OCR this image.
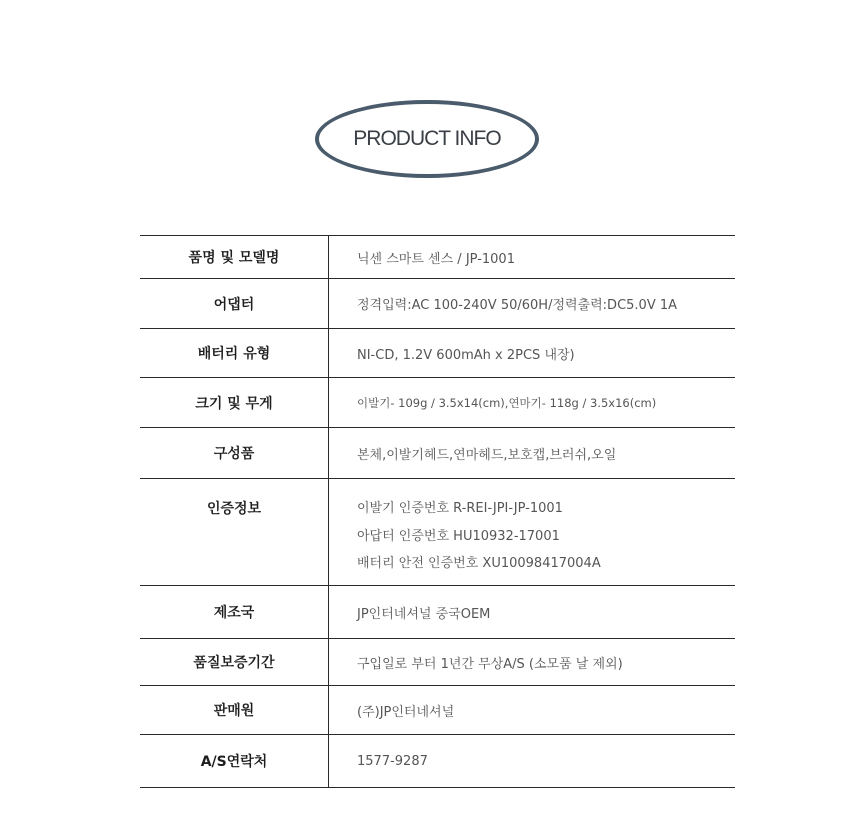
PRODUCT INFO
품명 및 모델명	닉센 스마트 센스 / JP-1001
어댑터	정격입력:AC 100-240V 50/60H/정력출력:DC5.0V 1A
배터리 유형	NI-CD, 1.2V 600mAh x 2PCS 내장)
크기 및 무게	이발기- 109g / 3.5x14(cm),연마기- 118g / 3.5x16(cm)
구성품	본체,이발기헤드,연마헤드,보호캡,브러쉬,오일
인증정보	이발기 인증번호 R-REI-JPI-JP-1001
아답터 인증번호 HU10932-17001
배터리 안전 인증번호 XU10098417004A

제조국	JP인터네셔널 중국OEM
품질보증기간	구입일로 부터 1년간 무상A/S (소모품 날 제외)
판매원	(주)JP인터네셔널
A/S연락처	1577-9287
